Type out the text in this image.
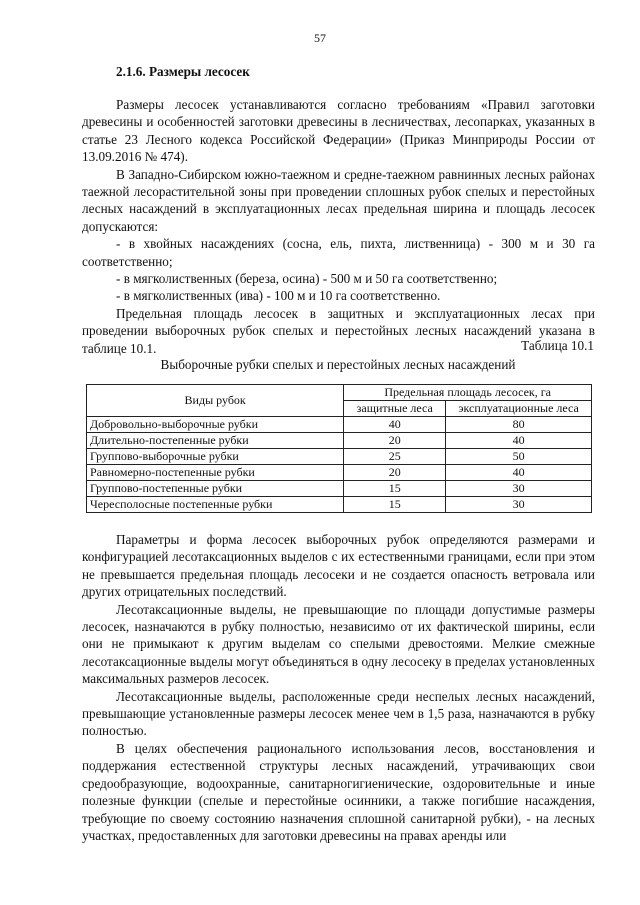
57
2.1.6. Размеры лесосек

Размеры лесосек устанавливаются согласно требованиям «Правил заготовки древесины и особенностей заготовки древесины в лесничествах, лесопарках, указанных в статье 23 Лесного кодекса Российской Федерации» (Приказ Минприроды России от 13.09.2016 № 474).

В Западно-Сибирском южно-таежном и средне-таежном равнинных лесных районах таежной лесорастительной зоны при проведении сплошных рубок спелых и перестойных лесных насаждений в эксплуатационных лесах предельная ширина и площадь лесосек допускаются:

- в хвойных насаждениях (сосна, ель, пихта, лиственница) - 300 м и 30 га соответственно;

- в мягколиственных (береза, осина) - 500 м и 50 га соответственно;

- в мягколиственных (ива) - 100 м и 10 га соответственно.

Предельная площадь лесосек в защитных и эксплуатационных лесах при проведении выборочных рубок спелых и перестойных лесных насаждений указана в таблице 10.1.	Таблица 10.1
Выборочные рубки спелых и перестойных лесных насаждений
Виды рубок	Предельная площадь лесосек, га	
	защитные леса	эксплуатационные леса
Добровольно-выборочные рубки	40	80
Длительно-постепенные рубки	20	40
Группово-выборочные рубки	25	50
Равномерно-постепенные рубки	20	40
Группово-постепенные рубки	15	30
Чересполосные постепенные рубки	15	30

Параметры и форма лесосек выборочных рубок определяются размерами и конфигурацией лесотаксационных выделов с их естественными границами, если при этом не превышается предельная площадь лесосеки и не создается опасность ветровала или других отрицательных последствий.

Лесотаксационные выделы, не превышающие по площади допустимые размеры лесосек, назначаются в рубку полностью, независимо от их фактической ширины, если они не примыкают к другим выделам со спелыми древостоями. Мелкие смежные лесотаксационные выделы могут объединяться в одну лесосеку в пределах установленных максимальных размеров лесосек.

Лесотаксационные выделы, расположенные среди неспелых лесных насаждений, превышающие установленные размеры лесосек менее чем в 1,5 раза, назначаются в рубку полностью.

В целях обеспечения рационального использования лесов, восстановления и поддержания естественной структуры лесных насаждений, утрачивающих свои средообразующие, водоохранные, санитарногигиенические, оздоровительные и иные полезные функции (спелые и перестойные осинники, а также погибшие насаждения, требующие по своему состоянию назначения сплошной санитарной рубки), - на лесных участках, предоставленных для заготовки древесины на правах аренды или
